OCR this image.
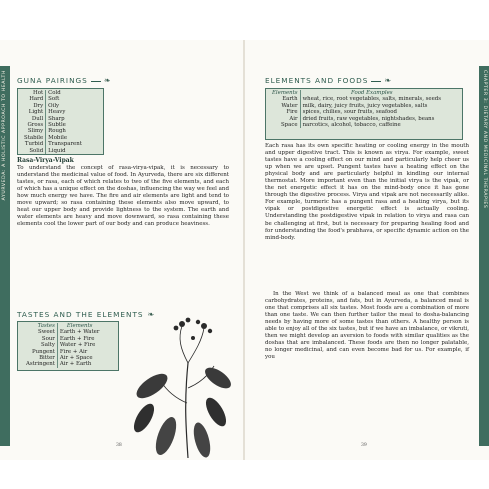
AYURVEDA: A HOLISTIC APPROACH TO HEALTH GUNA PAIRINGS ❧
Hot	Cold
Hard	Soft
Dry	Oily
Light	Heavy
Dull	Sharp
Gross	Subtle
Slimy	Rough
Stabile	Mobile
Turbid	Transparent
Solid	Liquid
Rasa-Virya-Vipak
To understand the concept of rasa-virya-vipak, it is necessary to understand the medicinal value of food. In Ayurveda, there are six different tastes, or rasa, each of which relates to two of the five elements, and each of which has a unique effect on the doshas, influencing the way we feel and how much energy we have. The fire and air elements are light and tend to move upward; so rasa containing these elements also move upward, to heat our upper body and provide lightness to the system. The earth and water elements are heavy and move downward, so rasa containing these elements cool the lower part of our body and can produce heaviness.
TASTES AND THE ELEMENTS ❧
Tastes	Elements
Sweet	Earth + Water
Sour	Earth + Fire
Salty	Water + Fire
Pungent	Fire + Air
Bitter	Air + Space
Astringent	Air + Earth
38
CHAPTER 3: DIETARY AND MEDICINAL THERAPIES
ELEMENTS AND FOODS ❧
Elements	Food Examples
Earth	wheat, rice, root vegetables, salts, minerals, seeds
Water	milk, dairy, juicy fruits, juicy vegetables, salts
Fire	spices, chilies, sour fruits, seafood
Air	dried fruits, raw vegetables, nightshades, beans
Space	narcotics, alcohol, tobacco, caffeine
Each rasa has its own specific heating or cooling energy in the mouth and upper digestive tract. This is known as virya. For example, sweet tastes have a cooling effect on our mind and particularly help cheer us up when we are upset. Pungent tastes have a heating effect on the physical body and are particularly helpful in kindling our internal thermostat. More important even than the initial virya is the vipak, or the net energetic effect it has on the mind-body once it has gone through the digestive process. Virya and vipak are not necessarily alike. For example, turmeric has a pungent rasa and a heating virya, but its vipak or postdigestive energetic effect is actually cooling. Understanding the postdigestive vipak in relation to virya and rasa can be challenging at first, but is necessary for preparing healing food and for understanding the food's prabhava, or specific dynamic action on the mind-body.
In the West we think of a balanced meal as one that combines carbohydrates, proteins, and fats, but in Ayurveda, a balanced meal is one that comprises all six tastes. Most foods are a combination of more than one taste. We can then further tailor the meal to dosha-balancing needs by having more of some tastes than others. A healthy person is able to enjoy all of the six tastes, but if we have an imbalance, or vikruti, then we might develop an aversion to foods with similar qualities as the doshas that are imbalanced. These foods are then no longer palatable, no longer medicinal, and can even become bad for us. For example, if you
39
